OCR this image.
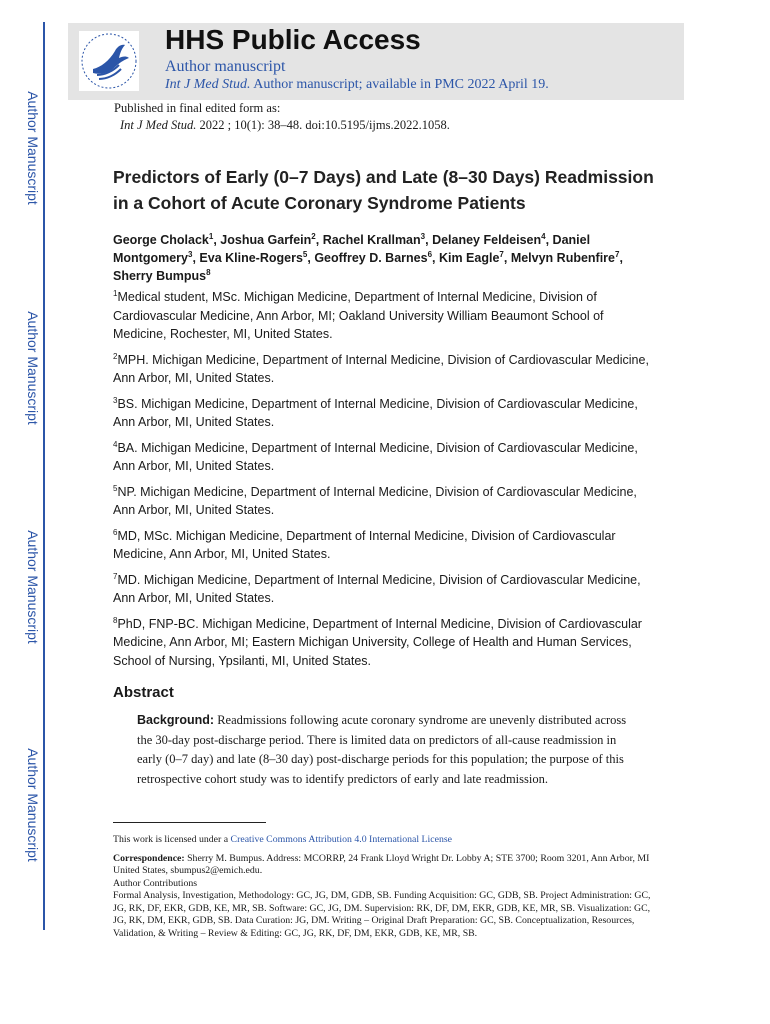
Author Manuscript
Author Manuscript
Author Manuscript
Author Manuscript
HHS Public Access
Author manuscript
Int J Med Stud. Author manuscript; available in PMC 2022 April 19.
Published in final edited form as:
Int J Med Stud. 2022 ; 10(1): 38–48. doi:10.5195/ijms.2022.1058.
Predictors of Early (0–7 Days) and Late (8–30 Days) Readmission in a Cohort of Acute Coronary Syndrome Patients
George Cholack$^1$, Joshua Garfein$^2$, Rachel Krallman$^3$, Delaney Feldeisen$^4$, Daniel Montgomery$^3$, Eva Kline-Rogers$^5$, Geoffrey D. Barnes$^6$, Kim Eagle$^7$, Melvyn Rubenfire$^7$, Sherry Bumpus$^8$
$^1$Medical student, MSc. Michigan Medicine, Department of Internal Medicine, Division of Cardiovascular Medicine, Ann Arbor, MI; Oakland University William Beaumont School of Medicine, Rochester, MI, United States.
$^2$MPH. Michigan Medicine, Department of Internal Medicine, Division of Cardiovascular Medicine, Ann Arbor, MI, United States.
$^3$BS. Michigan Medicine, Department of Internal Medicine, Division of Cardiovascular Medicine, Ann Arbor, MI, United States.
$^4$BA. Michigan Medicine, Department of Internal Medicine, Division of Cardiovascular Medicine, Ann Arbor, MI, United States.
$^5$NP. Michigan Medicine, Department of Internal Medicine, Division of Cardiovascular Medicine, Ann Arbor, MI, United States.
$^6$MD, MSc. Michigan Medicine, Department of Internal Medicine, Division of Cardiovascular Medicine, Ann Arbor, MI, United States.
$^7$MD. Michigan Medicine, Department of Internal Medicine, Division of Cardiovascular Medicine, Ann Arbor, MI, United States.
$^8$PhD, FNP-BC. Michigan Medicine, Department of Internal Medicine, Division of Cardiovascular Medicine, Ann Arbor, MI; Eastern Michigan University, College of Health and Human Services, School of Nursing, Ypsilanti, MI, United States.
Abstract
Background: Readmissions following acute coronary syndrome are unevenly distributed across the 30-day post-discharge period. There is limited data on predictors of all-cause readmission in early (0–7 day) and late (8–30 day) post-discharge periods for this population; the purpose of this retrospective cohort study was to identify predictors of early and late readmission.
This work is licensed under a Creative Commons Attribution 4.0 International License
Correspondence: Sherry M. Bumpus. Address: MCORRP, 24 Frank Lloyd Wright Dr. Lobby A; STE 3700; Room 3201, Ann Arbor, MI United States, sbumpus2@emich.edu.
Author Contributions
Formal Analysis, Investigation, Methodology: GC, JG, DM, GDB, SB. Funding Acquisition: GC, GDB, SB. Project Administration: GC, JG, RK, DF, EKR, GDB, KE, MR, SB. Software: GC, JG, DM. Supervision: RK, DF, DM, EKR, GDB, KE, MR, SB. Visualization: GC, JG, RK, DM, EKR, GDB, SB. Data Curation: JG, DM. Writing – Original Draft Preparation: GC, SB. Conceptualization, Resources, Validation, & Writing – Review & Editing: GC, JG, RK, DF, DM, EKR, GDB, KE, MR, SB.
